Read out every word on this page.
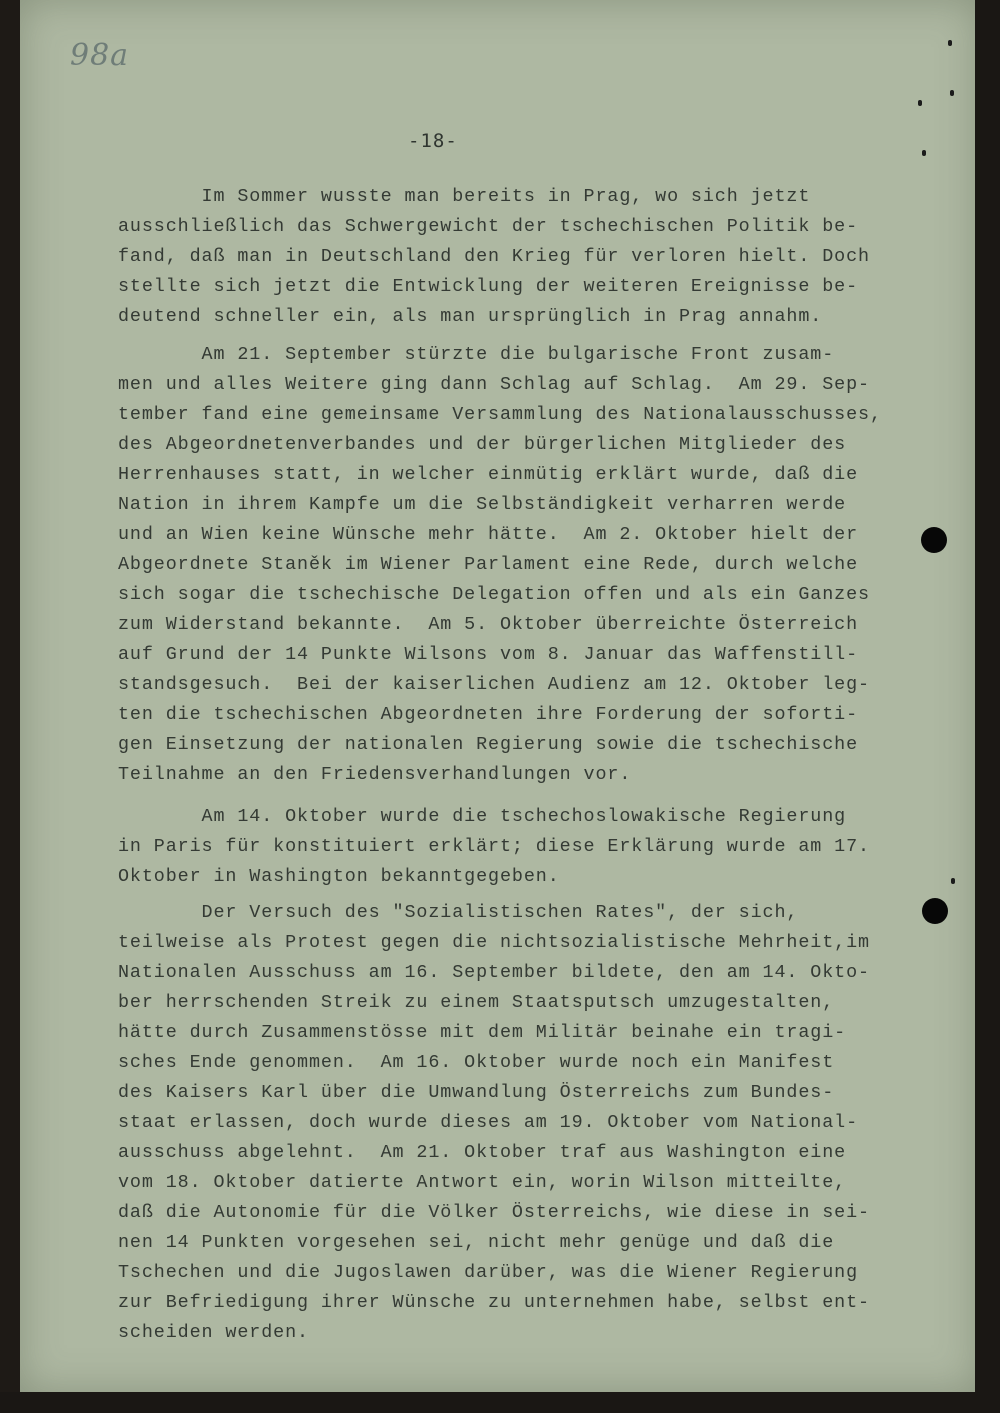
98a
-18-
Im Sommer wusste man bereits in Prag, wo sich jetzt
ausschließlich das Schwergewicht der tschechischen Politik be-
fand, daß man in Deutschland den Krieg für verloren hielt. Doch
stellte sich jetzt die Entwicklung der weiteren Ereignisse be-
deutend schneller ein, als man ursprünglich in Prag annahm.
Am 21. September stürzte die bulgarische Front zusam-
men und alles Weitere ging dann Schlag auf Schlag.  Am 29. Sep-
tember fand eine gemeinsame Versammlung des Nationalausschusses,
des Abgeordnetenverbandes und der bürgerlichen Mitglieder des
Herrenhauses statt, in welcher einmütig erklärt wurde, daß die
Nation in ihrem Kampfe um die Selbständigkeit verharren werde
und an Wien keine Wünsche mehr hätte.  Am 2. Oktober hielt der
Abgeordnete Staněk im Wiener Parlament eine Rede, durch welche
sich sogar die tschechische Delegation offen und als ein Ganzes
zum Widerstand bekannte.  Am 5. Oktober überreichte Österreich
auf Grund der 14 Punkte Wilsons vom 8. Januar das Waffenstill-
standsgesuch.  Bei der kaiserlichen Audienz am 12. Oktober leg-
ten die tschechischen Abgeordneten ihre Forderung der soforti-
gen Einsetzung der nationalen Regierung sowie die tschechische
Teilnahme an den Friedensverhandlungen vor.
Am 14. Oktober wurde die tschechoslowakische Regierung
in Paris für konstituiert erklärt; diese Erklärung wurde am 17.
Oktober in Washington bekanntgegeben.
Der Versuch des "Sozialistischen Rates", der sich,
teilweise als Protest gegen die nichtsozialistische Mehrheit,im
Nationalen Ausschuss am 16. September bildete, den am 14. Okto-
ber herrschenden Streik zu einem Staatsputsch umzugestalten,
hätte durch Zusammenstösse mit dem Militär beinahe ein tragi-
sches Ende genommen.  Am 16. Oktober wurde noch ein Manifest
des Kaisers Karl über die Umwandlung Österreichs zum Bundes-
staat erlassen, doch wurde dieses am 19. Oktober vom National-
ausschuss abgelehnt.  Am 21. Oktober traf aus Washington eine
vom 18. Oktober datierte Antwort ein, worin Wilson mitteilte,
daß die Autonomie für die Völker Österreichs, wie diese in sei-
nen 14 Punkten vorgesehen sei, nicht mehr genüge und daß die
Tschechen und die Jugoslawen darüber, was die Wiener Regierung
zur Befriedigung ihrer Wünsche zu unternehmen habe, selbst ent-
scheiden werden.
